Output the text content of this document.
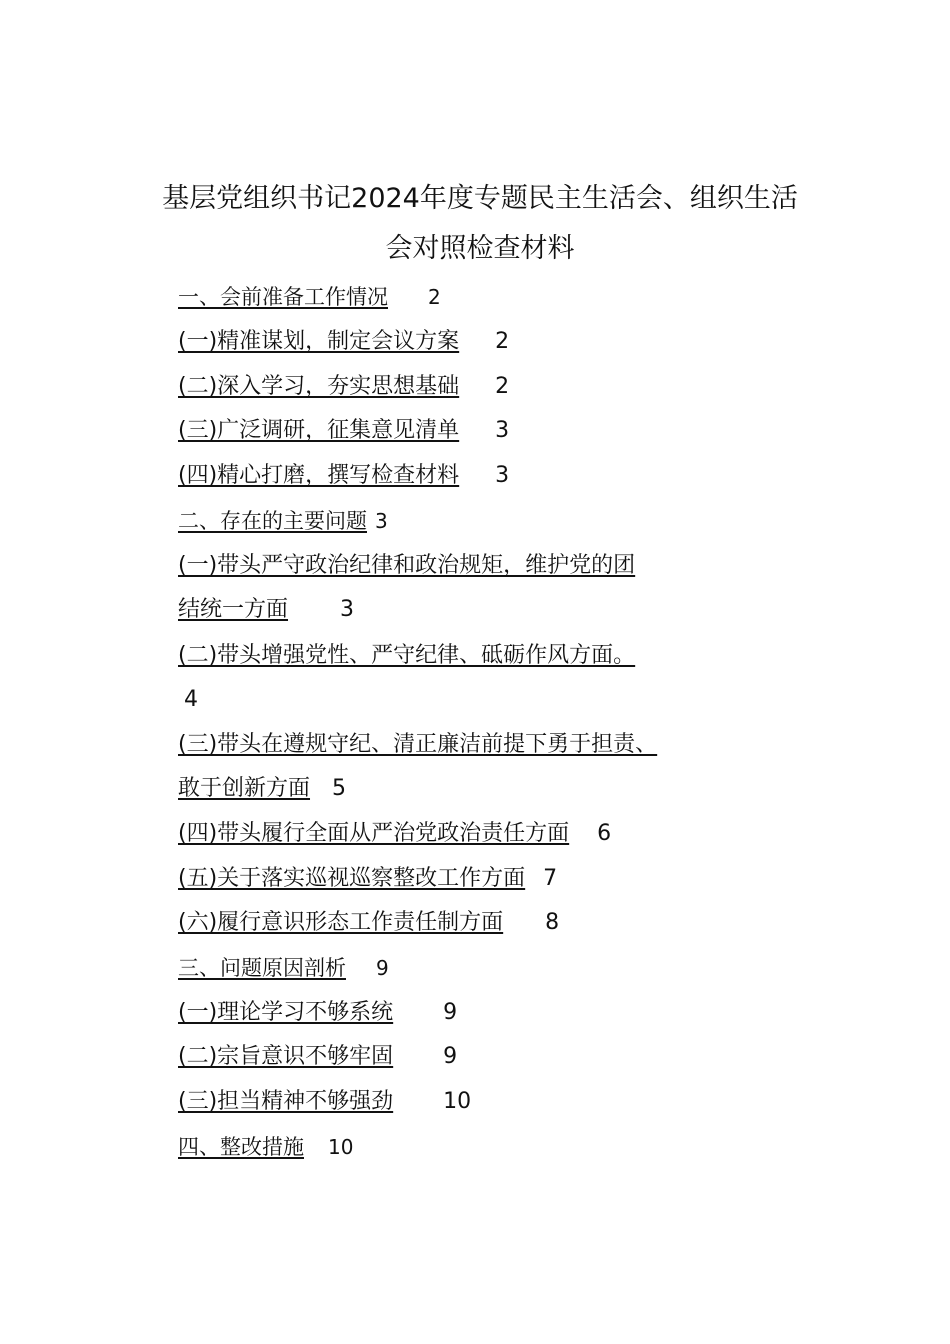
基层党组织书记2024年度专题民主生活会、组织生活
会对照检查材料
一、会前准备工作情况 2
(一)精准谋划，制定会议方案 2
(二)深入学习，夯实思想基础 2
(三)广泛调研，征集意见清单 3
(四)精心打磨，撰写检查材料 3
二、存在的主要问题 3
(一)带头严守政治纪律和政治规矩，维护党的团
结统一方面 3
(二)带头增强党性、严守纪律、砥砺作风方面。
4
(三)带头在遵规守纪、清正廉洁前提下勇于担责、
敢于创新方面 5
(四)带头履行全面从严治党政治责任方面 6
(五)关于落实巡视巡察整改工作方面 7
(六)履行意识形态工作责任制方面 8
三、问题原因剖析 9
(一)理论学习不够系统 9
(二)宗旨意识不够牢固 9
(三)担当精神不够强劲 10
四、整改措施 10
